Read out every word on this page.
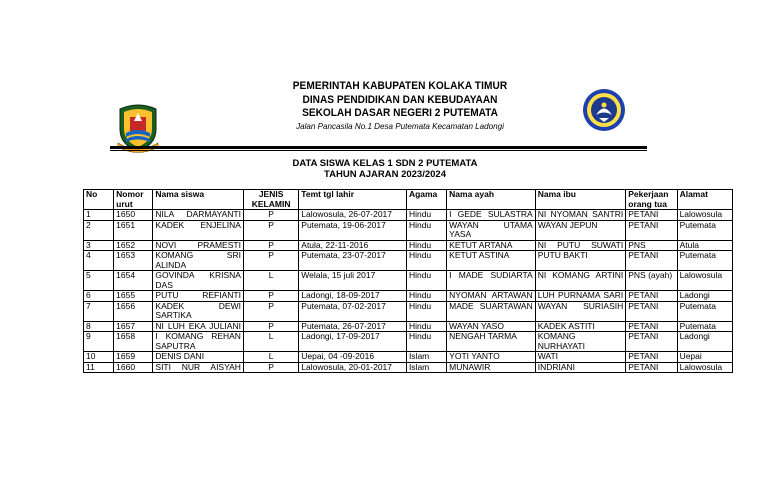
PEMERINTAH KABUPATEN KOLAKA TIMUR
DINAS PENDIDIKAN DAN KEBUDAYAAN
SEKOLAH DASAR NEGERI 2 PUTEMATA
Jalan Pancasila No.1 Desa Putemata Kecamatan Ladongi
DATA SISWA KELAS 1 SDN 2 PUTEMATA
TAHUN AJARAN 2023/2024
No	Nomor urut	Nama siswa	JENIS KELAMIN	Temt tgl lahir	Agama	Nama ayah	Nama ibu	Pekerjaan orang tua	Alamat
1	1650	NILA DARMAYANTI	P	Lalowosula, 26-07-2017	Hindu	I GEDE SULASTRA	NI NYOMAN SANTRI	PETANI	Lalowosula
2	1651	KADEK ENJELINA	P	Putemata, 19-06-2017	Hindu	WAYAN UTAMA YASA	WAYAN JEPUN	PETANI	Putemata
3	1652	NOVI PRAMESTI	P	Atula, 22-11-2016	Hindu	KETUT ARTANA	NI PUTU SUWATI	PNS	Atula
4	1653	KOMANG SRI ALINDA	P	Putemata, 23-07-2017	Hindu	KETUT ASTINA	PUTU BAKTI	PETANI	Putemata
5	1654	GOVINDA KRISNA DAS	L	Welala, 15 juli 2017	Hindu	I MADE SUDIARTA	NI KOMANG ARTINI	PNS (ayah)	Lalowosula
6	1655	PUTU REFIANTI	P	Ladongi, 18-09-2017	Hindu	NYOMAN ARTAWAN	LUH PURNAMA SARI	PETANI	Ladongi
7	1656	KADEK DEWI SARTIKA	P	Putemata, 07-02-2017	Hindu	MADE SUARTAWAN	WAYAN SURIASIH	PETANI	Putemata
8	1657	NI LUH EKA JULIANI	P	Putemata, 26-07-2017	Hindu	WAYAN YASO	KADEK ASTITI	PETANI	Putemata
9	1658	I KOMANG REHAN SAPUTRA	L	Ladongi, 17-09-2017	Hindu	NENGAH TARMA	KOMANG NURHAYATI	PETANI	Ladongi
10	1659	DENIS DANI	L	Uepai, 04 -09-2016	Islam	YOTI YANTO	WATI	PETANI	Uepai
11	1660	SITI NUR AISYAH	P	Lalowosula, 20-01-2017	Islam	MUNAWIR	INDRIANI	PETANI	Lalowosula
